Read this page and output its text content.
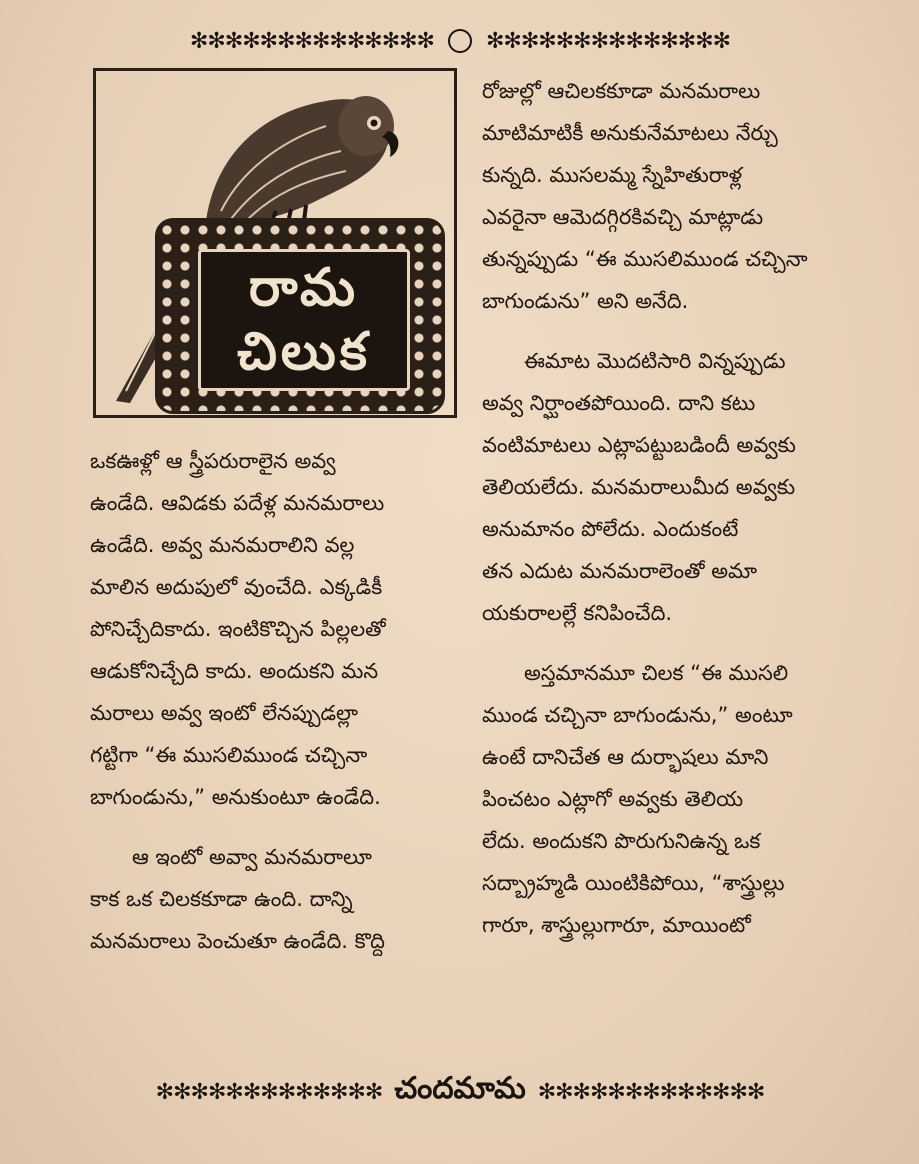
✻✻✻✻✻✻✻✻✻✻✻✻✻✻ ✻✻✻✻✻✻✻✻✻✻✻✻✻✻
రామ
చిలుక
రోజుల్లో ఆచిలకకూడా మనమరాలు
మాటిమాటికీ అనుకునేమాటలు నేర్చు
కున్నది. ముసలమ్మ స్నేహితురాళ్ల
ఎవరైనా ఆమెదగ్గిరకివచ్చి మాట్లాడు
తున్నప్పుడు “ఈ ముసలిముండ చచ్చినా
బాగుండును” అని అనేది.
ఈమాట మొదటిసారి విన్నప్పుడు
అవ్వ నిర్ఘాంతపోయింది. దాని కటు
వంటిమాటలు ఎట్లాపట్టుబడిందీ అవ్వకు
తెలియలేదు. మనమరాలుమీద అవ్వకు
అనుమానం పోలేదు. ఎందుకంటే
తన ఎదుట మనమరాలెంతో అమా
యకురాలల్లే కనిపించేది.
అస్తమానమూ చిలక “ఈ ముసలి
ముండ చచ్చినా బాగుండును,” అంటూ
ఉంటే దానిచేత ఆ దుర్భాషలు మాని
పించటం ఎట్లాగో అవ్వకు తెలియ
లేదు. అందుకని పొరుగునిఉన్న ఒక
సద్బ్రాహ్మడి యింటికిపోయి, “శాస్త్రుల్లు
గారూ, శాస్త్రుల్లుగారూ, మాయింటో
ఒకఊళ్లో ఆ స్త్రీపరురాలైన అవ్వ
ఉండేది. ఆవిడకు పదేళ్ల మనమరాలు
ఉండేది. అవ్వ మనమరాలిని వల్ల
మాలిన అదుపులో వుంచేది. ఎక్కడికీ
పోనిచ్చేదికాదు. ఇంటికొచ్చిన పిల్లలతో
ఆడుకోనిచ్చేది కాదు. అందుకని మన
మరాలు అవ్వ ఇంటో లేనప్పుడల్లా
గట్టిగా “ఈ ముసలిముండ చచ్చినా
బాగుండును,” అనుకుంటూ ఉండేది.
ఆ ఇంటో అవ్వా మనమరాలూ
కాక ఒక చిలకకూడా ఉంది. దాన్ని
మనమరాలు పెంచుతూ ఉండేది. కొద్ది
✻✻✻✻✻✻✻✻✻✻✻✻✻ చందమామ ✻✻✻✻✻✻✻✻✻✻✻✻✻
